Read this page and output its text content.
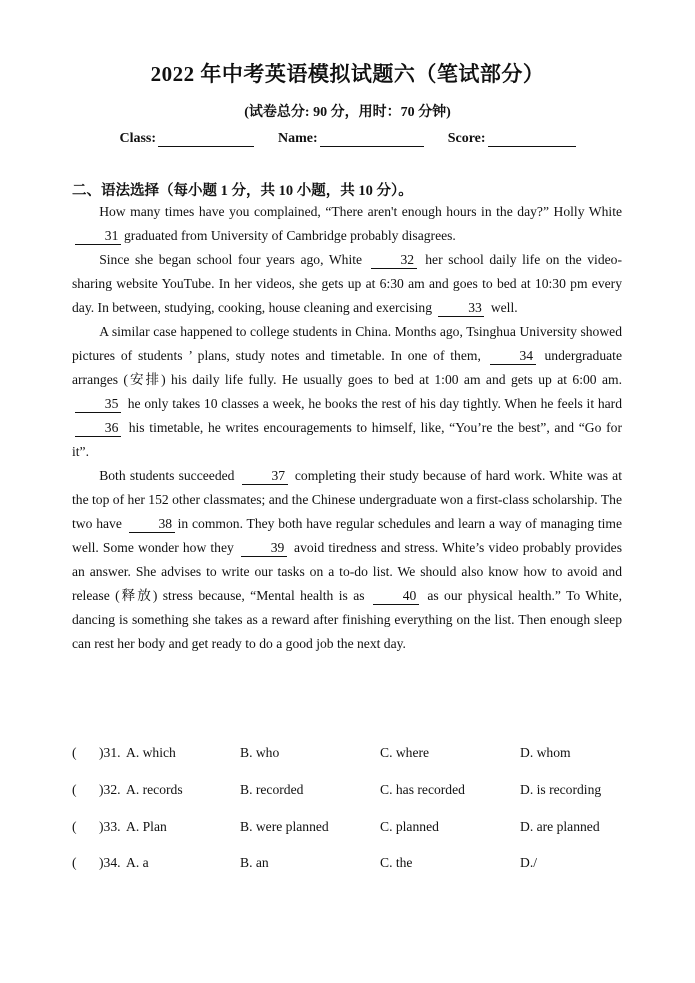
2022 年中考英语模拟试题六（笔试部分）
(试卷总分: 90 分，用时：70 分钟)
Class:	Name:	Score:
二、语法选择（每小题 1 分，共 10 小题，共 10 分）。

How many times have you complained, “There aren't enough hours in the day?” Holly White 31 graduated from University of Cambridge probably disagrees.

Since she began school four years ago, White 32 her school daily life on the video-sharing website YouTube. In her videos, she gets up at 6:30 am and goes to bed at 10:30 pm every day. In between, studying, cooking, house cleaning and exercising 33 well.

A similar case happened to college students in China. Months ago, Tsinghua University showed pictures of students ’ plans, study notes and timetable. In one of them, 34 undergraduate arranges (安排) his daily life fully. He usually goes to bed at 1:00 am and gets up at 6:00 am. 35 he only takes 10 classes a week, he books the rest of his day tightly. When he feels it hard 36 his timetable, he writes encouragements to himself, like, “You’re the best”, and “Go for it”.

Both students succeeded 37 completing their study because of hard work. White was at the top of her 152 other classmates; and the Chinese undergraduate won a first-class scholarship. The two have 38 in common. They both have regular schedules and learn a way of managing time well. Some wonder how they 39 avoid tiredness and stress. White’s video probably provides an answer. She advises to write our tasks on a to-do list. We should also know how to avoid and release (释放) stress because, “Mental health is as 40 as our physical health.” To White, dancing is something she takes as a reward after finishing everything on the list. Then enough sleep can rest her body and get ready to do a good job the next day.

( )31. A. which	B. who	C. where	D. whom
( )32. A. records	B. recorded	C. has recorded	D. is recording
( )33. A. Plan	B. were planned	C. planned	D. are planned
( )34. A. a	B. an	C. the	D./
